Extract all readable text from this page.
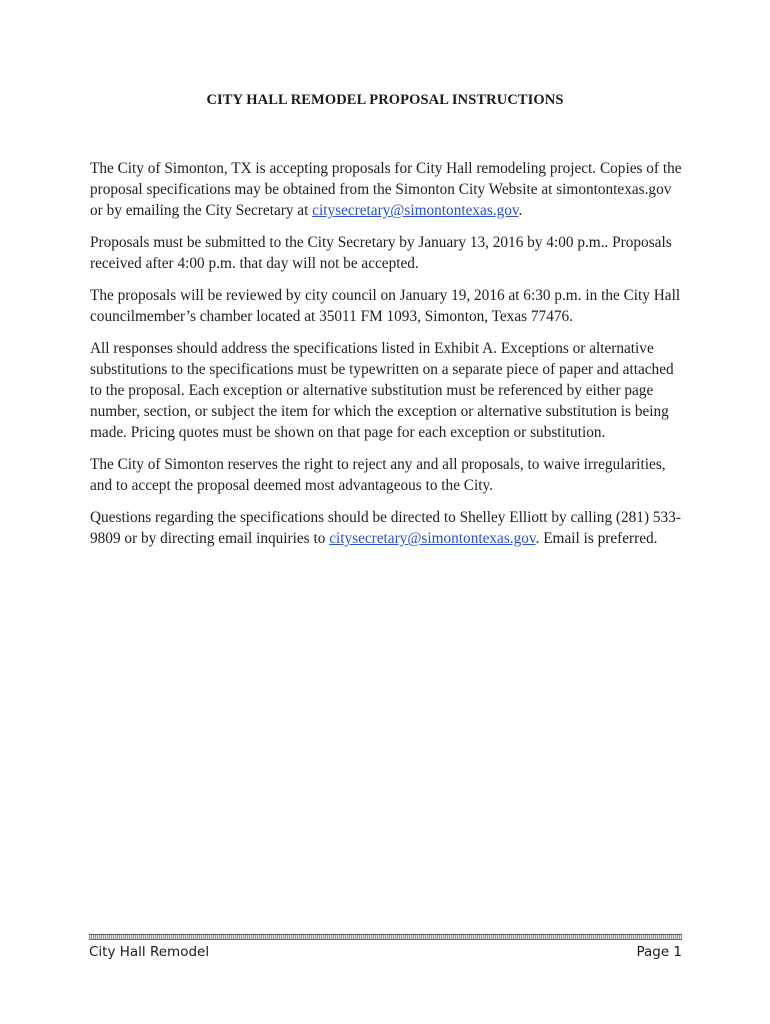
CITY HALL REMODEL PROPOSAL INSTRUCTIONS

The City of Simonton, TX is accepting proposals for City Hall remodeling project. Copies of the proposal specifications may be obtained from the Simonton City Website at simontontexas.gov or by emailing the City Secretary at citysecretary@simontontexas.gov.

Proposals must be submitted to the City Secretary by January 13, 2016 by 4:00 p.m.. Proposals received after 4:00 p.m. that day will not be accepted.

The proposals will be reviewed by city council on January 19, 2016 at 6:30 p.m. in the City Hall councilmember’s chamber located at 35011 FM 1093, Simonton, Texas 77476.

All responses should address the specifications listed in Exhibit A. Exceptions or alternative substitutions to the specifications must be typewritten on a separate piece of paper and attached to the proposal. Each exception or alternative substitution must be referenced by either page number, section, or subject the item for which the exception or alternative substitution is being made. Pricing quotes must be shown on that page for each exception or substitution.

The City of Simonton reserves the right to reject any and all proposals, to waive irregularities, and to accept the proposal deemed most advantageous to the City.

Questions regarding the specifications should be directed to Shelley Elliott by calling (281) 533-9809 or by directing email inquiries to citysecretary@simontontexas.gov. Email is preferred.

City Hall Remodel	Page 1
